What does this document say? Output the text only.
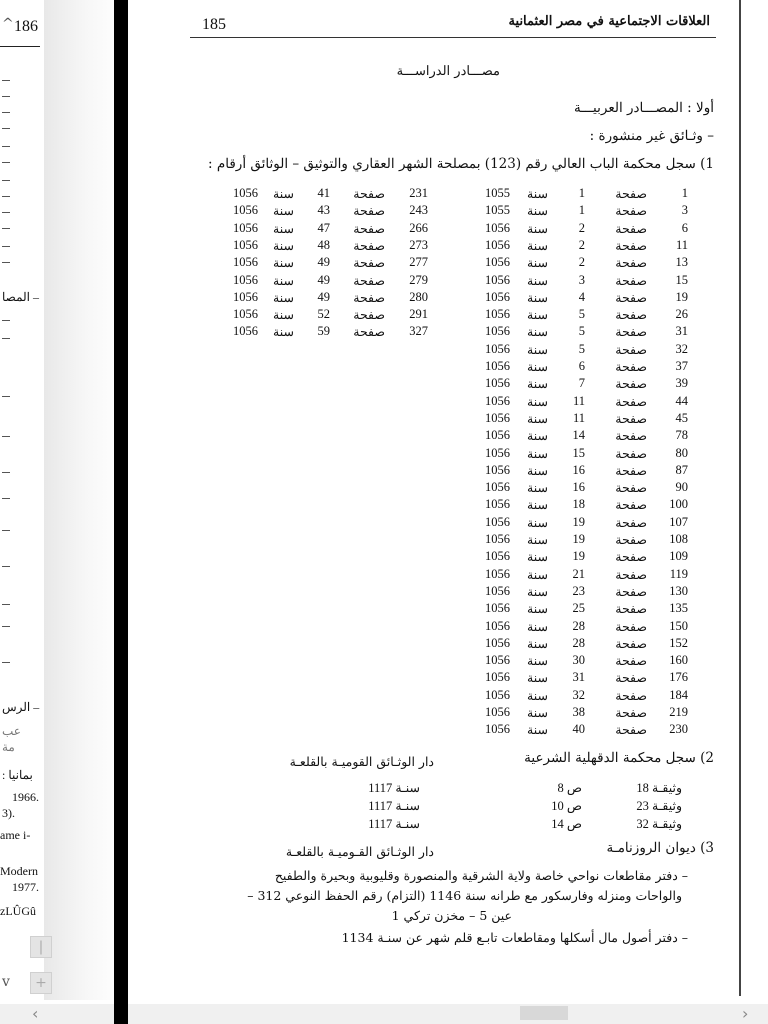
^ 186
– المصا
– الرس
عب
مة
بمانيا :
1966.
3).
ame i-
Modern
1977.
zLÛGû
|
+
v
العلاقات الاجتماعية في مصر العثمانية
185
مصـــادر الدراســـة
أولا : المصـــادر العربيـــة
– وثـائق غير منشورة :
1) سجل محكمة الباب العالي رقم (123) بمصلحة الشهر العقاري والتوثيق – الوثائق أرقام :
1
صفحة
1
سنة
1055
3
صفحة
1
سنة
1055
6
صفحة
2
سنة
1056
11
صفحة
2
سنة
1056
13
صفحة
2
سنة
1056
15
صفحة
3
سنة
1056
19
صفحة
4
سنة
1056
26
صفحة
5
سنة
1056
31
صفحة
5
سنة
1056
32
صفحة
5
سنة
1056
37
صفحة
6
سنة
1056
39
صفحة
7
سنة
1056
44
صفحة
11
سنة
1056
45
صفحة
11
سنة
1056
78
صفحة
14
سنة
1056
80
صفحة
15
سنة
1056
87
صفحة
16
سنة
1056
90
صفحة
16
سنة
1056
100
صفحة
18
سنة
1056
107
صفحة
19
سنة
1056
108
صفحة
19
سنة
1056
109
صفحة
19
سنة
1056
119
صفحة
21
سنة
1056
130
صفحة
23
سنة
1056
135
صفحة
25
سنة
1056
150
صفحة
28
سنة
1056
152
صفحة
28
سنة
1056
160
صفحة
30
سنة
1056
176
صفحة
31
سنة
1056
184
صفحة
32
سنة
1056
219
صفحة
38
سنة
1056
230
صفحة
40
سنة
1056
231
صفحة
41
سنة
1056
243
صفحة
43
سنة
1056
266
صفحة
47
سنة
1056
273
صفحة
48
سنة
1056
277
صفحة
49
سنة
1056
279
صفحة
49
سنة
1056
280
صفحة
49
سنة
1056
291
صفحة
52
سنة
1056
327
صفحة
59
سنة
1056
2) سجل محكمة الدقهلية الشرعية
دار الوثـائق القوميـة بالقلعـة
وثيقـة 18
ص 8
سنـة 1117
وثيقـة 23
ص 10
سنـة 1117
وثيقـة 32
ص 14
سنـة 1117
3) ديوان الروزنامـة
دار الوثـائق القـوميـة بالقلعـة
– دفتر مقاطعات نواحي خاصة ولاية الشرقية والمنصورة وقليوبية وبحيرة والطفيح
والواحات ومنزله وفارسكور مع طرانه سنة 1146 (التزام) رقم الحفظ النوعي 312 –
عين 5 – مخزن تركي 1
– دفتر أصول مال أسكلها ومقاطعات تابـع قلم شهر عن سنـة 1134
‹	›
